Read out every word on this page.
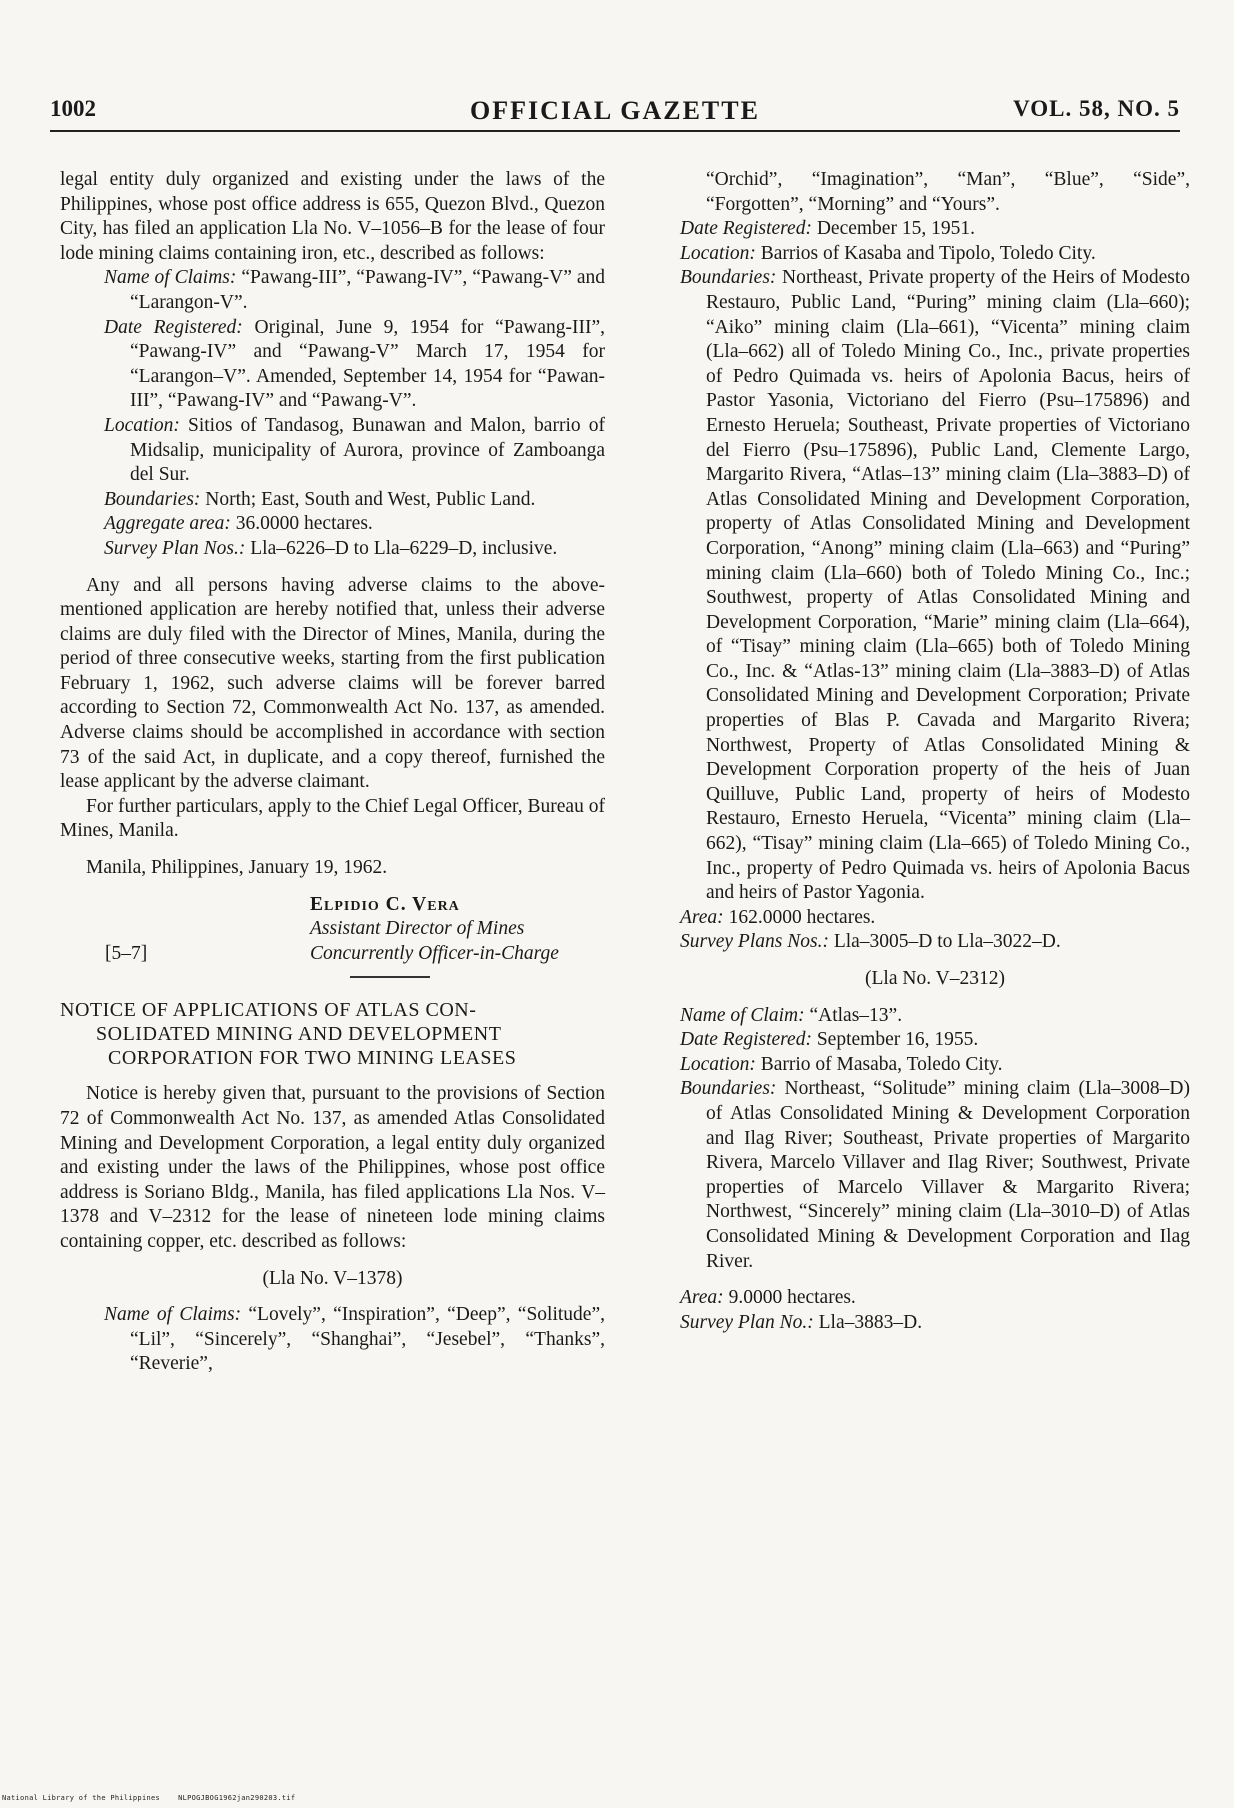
1002	OFFICIAL GAZETTE	VOL. 58, NO. 5

legal entity duly organized and existing under the laws of the Philippines, whose post office address is 655, Quezon Blvd., Quezon City, has filed an application Lla No. V–1056–B for the lease of four lode mining claims containing iron, etc., described as follows:

Name of Claims: “Pawang-III”, “Pawang-IV”, “Pawang-V” and “Larangon-V”.

Date Registered: Original, June 9, 1954 for “Pawang-III”, “Pawang-IV” and “Pawang-V” March 17, 1954 for “Larangon–V”. Amended, September 14, 1954 for “Pawan-III”, “Pawang-IV” and “Pawang-V”.

Location: Sitios of Tandasog, Bunawan and Malon, barrio of Midsalip, municipality of Aurora, province of Zamboanga del Sur.

Boundaries: North; East, South and West, Public Land.

Aggregate area: 36.0000 hectares.

Survey Plan Nos.: Lla–6226–D to Lla–6229–D, inclusive.

Any and all persons having adverse claims to the above-mentioned application are hereby notified that, unless their adverse claims are duly filed with the Director of Mines, Manila, during the period of three consecutive weeks, starting from the first publication February 1, 1962, such adverse claims will be forever barred according to Section 72, Commonwealth Act No. 137, as amended. Adverse claims should be accomplished in accordance with section 73 of the said Act, in duplicate, and a copy thereof, furnished the lease applicant by the adverse claimant.

For further particulars, apply to the Chief Legal Officer, Bureau of Mines, Manila.

Manila, Philippines, January 19, 1962.

Elpidio C. Vera

Assistant Director of Mines

[5–7]	Concurrently Officer-in-Charge

NOTICE OF APPLICATIONS OF ATLAS CON-
SOLIDATED MINING AND DEVELOPMENT
CORPORATION FOR TWO MINING LEASES

Notice is hereby given that, pursuant to the provisions of Section 72 of Commonwealth Act No. 137, as amended Atlas Consolidated Mining and Development Corporation, a legal entity duly organized and existing under the laws of the Philippines, whose post office address is Soriano Bldg., Manila, has filed applications Lla Nos. V–1378 and V–2312 for the lease of nineteen lode mining claims containing copper, etc. described as follows:

(Lla No. V–1378)

Name of Claims: “Lovely”, “Inspiration”, “Deep”, “Solitude”, “Lil”, “Sincerely”, “Shanghai”, “Jesebel”, “Thanks”, “Reverie”,

“Orchid”, “Imagination”, “Man”, “Blue”, “Side”, “Forgotten”, “Morning” and “Yours”.

Date Registered: December 15, 1951.

Location: Barrios of Kasaba and Tipolo, Toledo City.

Boundaries: Northeast, Private property of the Heirs of Modesto Restauro, Public Land, “Puring” mining claim (Lla–660); “Aiko” mining claim (Lla–661), “Vicenta” mining claim (Lla–662) all of Toledo Mining Co., Inc., private properties of Pedro Quimada vs. heirs of Apolonia Bacus, heirs of Pastor Yasonia, Victoriano del Fierro (Psu–175896) and Ernesto Heruela; Southeast, Private properties of Victoriano del Fierro (Psu–175896), Public Land, Clemente Largo, Margarito Rivera, “Atlas–13” mining claim (Lla–3883–D) of Atlas Consolidated Mining and Development Corporation, property of Atlas Consolidated Mining and Development Corporation, “Anong” mining claim (Lla–663) and “Puring” mining claim (Lla–660) both of Toledo Mining Co., Inc.; Southwest, property of Atlas Consolidated Mining and Development Corporation, “Marie” mining claim (Lla–664), of “Tisay” mining claim (Lla–665) both of Toledo Mining Co., Inc. & “Atlas-13” mining claim (Lla–3883–D) of Atlas Consolidated Mining and Development Corporation; Private properties of Blas P. Cavada and Margarito Rivera; Northwest, Property of Atlas Consolidated Mining & Development Corporation property of the heis of Juan Quilluve, Public Land, property of heirs of Modesto Restauro, Ernesto Heruela, “Vicenta” mining claim (Lla–662), “Tisay” mining claim (Lla–665) of Toledo Mining Co., Inc., property of Pedro Quimada vs. heirs of Apolonia Bacus and heirs of Pastor Yagonia.

Area: 162.0000 hectares.

Survey Plans Nos.: Lla–3005–D to Lla–3022–D.

(Lla No. V–2312)

Name of Claim: “Atlas–13”.

Date Registered: September 16, 1955.

Location: Barrio of Masaba, Toledo City.

Boundaries: Northeast, “Solitude” mining claim (Lla–3008–D) of Atlas Consolidated Mining & Development Corporation and Ilag River; Southeast, Private properties of Margarito Rivera, Marcelo Villaver and Ilag River; Southwest, Private properties of Marcelo Villaver & Margarito Rivera; Northwest, “Sincerely” mining claim (Lla–3010–D) of Atlas Consolidated Mining & Development Corporation and Ilag River.

Area: 9.0000 hectares.

Survey Plan No.: Lla–3883–D.

National Library of the Philippines	NLPOGJBOG1962jan290203.tif
